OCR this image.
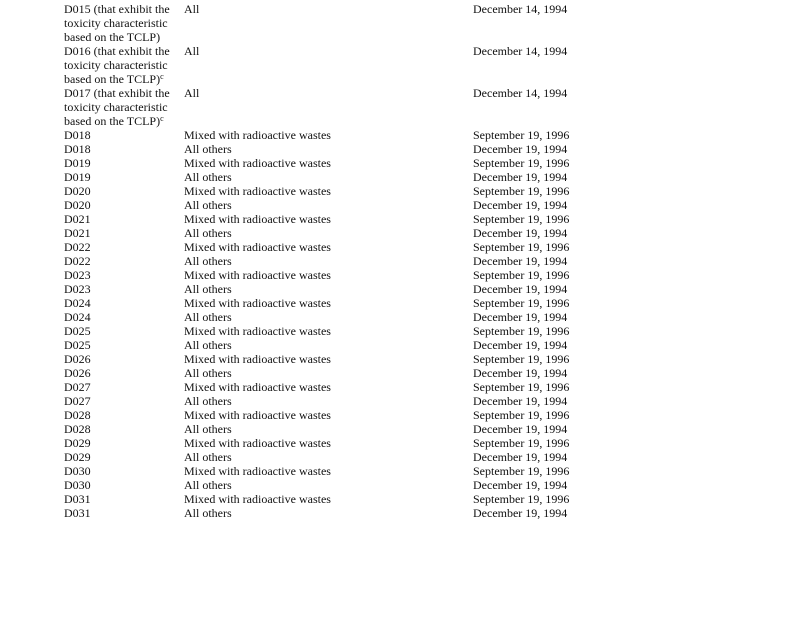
D015 (that exhibit the
toxicity characteristic
based on the TCLP)
All	December 14, 1994
D016 (that exhibit the
toxicity characteristic
based on the TCLP)$^c$
All	December 14, 1994
D017 (that exhibit the
toxicity characteristic
based on the TCLP)$^c$
All	December 14, 1994
D018	Mixed with radioactive wastes	September 19, 1996
D018	All others	December 19, 1994
D019	Mixed with radioactive wastes	September 19, 1996
D019	All others	December 19, 1994
D020	Mixed with radioactive wastes	September 19, 1996
D020	All others	December 19, 1994
D021	Mixed with radioactive wastes	September 19, 1996
D021	All others	December 19, 1994
D022	Mixed with radioactive wastes	September 19, 1996
D022	All others	December 19, 1994
D023	Mixed with radioactive wastes	September 19, 1996
D023	All others	December 19, 1994
D024	Mixed with radioactive wastes	September 19, 1996
D024	All others	December 19, 1994
D025	Mixed with radioactive wastes	September 19, 1996
D025	All others	December 19, 1994
D026	Mixed with radioactive wastes	September 19, 1996
D026	All others	December 19, 1994
D027	Mixed with radioactive wastes	September 19, 1996
D027	All others	December 19, 1994
D028	Mixed with radioactive wastes	September 19, 1996
D028	All others	December 19, 1994
D029	Mixed with radioactive wastes	September 19, 1996
D029	All others	December 19, 1994
D030	Mixed with radioactive wastes	September 19, 1996
D030	All others	December 19, 1994
D031	Mixed with radioactive wastes	September 19, 1996
D031	All others	December 19, 1994
